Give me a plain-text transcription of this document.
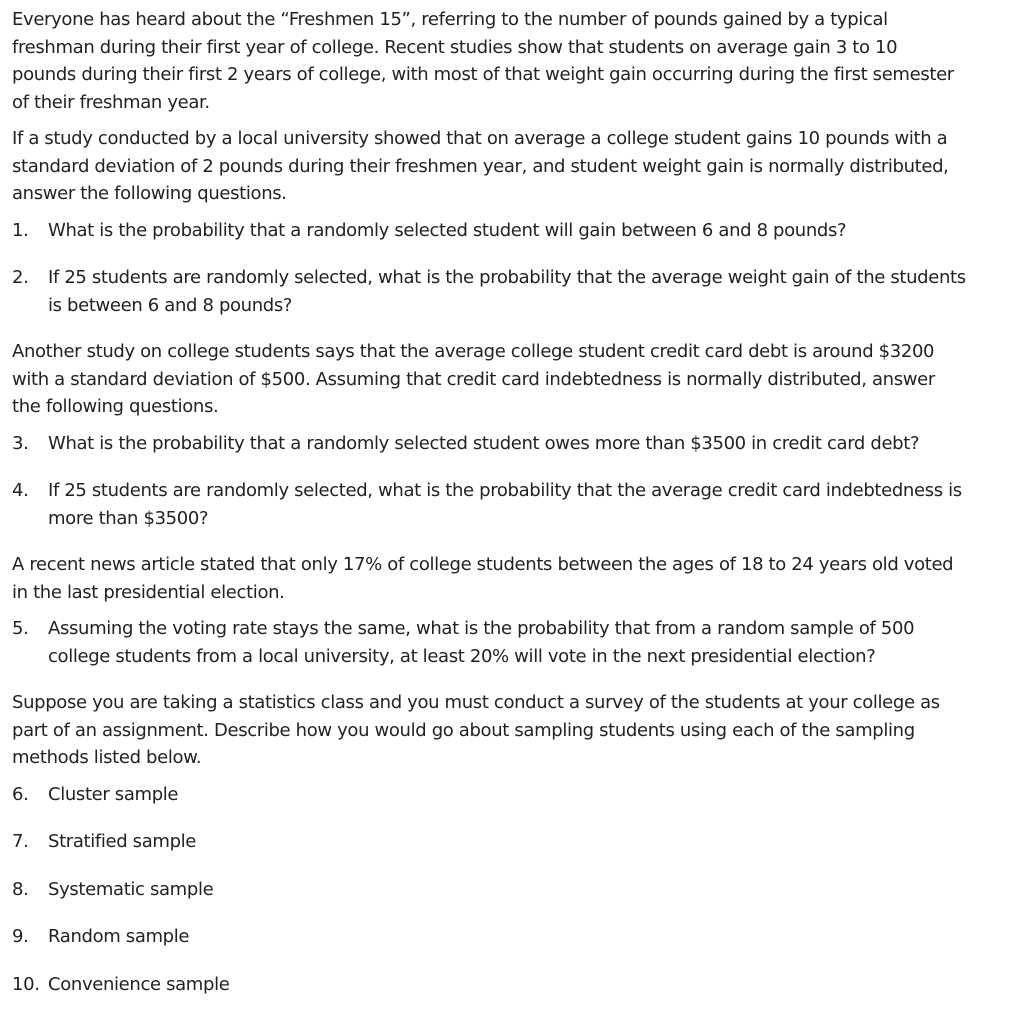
Everyone has heard about the “Freshmen 15”, referring to the number of pounds gained by a typical
freshman during their first year of college. Recent studies show that students on average gain 3 to 10
pounds during their first 2 years of college, with most of that weight gain occurring during the first semester
of their freshman year.
If a study conducted by a local university showed that on average a college student gains 10 pounds with a
standard deviation of 2 pounds during their freshmen year, and student weight gain is normally distributed,
answer the following questions.
1.	What is the probability that a randomly selected student will gain between 6 and 8 pounds?
2.	If 25 students are randomly selected, what is the probability that the average weight gain of the students
is between 6 and 8 pounds?
Another study on college students says that the average college student credit card debt is around $3200
with a standard deviation of $500. Assuming that credit card indebtedness is normally distributed, answer
the following questions.
3.	What is the probability that a randomly selected student owes more than $3500 in credit card debt?
4.	If 25 students are randomly selected, what is the probability that the average credit card indebtedness is
more than $3500?
A recent news article stated that only 17% of college students between the ages of 18 to 24 years old voted
in the last presidential election.
5.	Assuming the voting rate stays the same, what is the probability that from a random sample of 500
college students from a local university, at least 20% will vote in the next presidential election?
Suppose you are taking a statistics class and you must conduct a survey of the students at your college as
part of an assignment. Describe how you would go about sampling students using each of the sampling
methods listed below.
6.	Cluster sample
7.	Stratified sample
8.	Systematic sample
9.	Random sample
10. Convenience sample
